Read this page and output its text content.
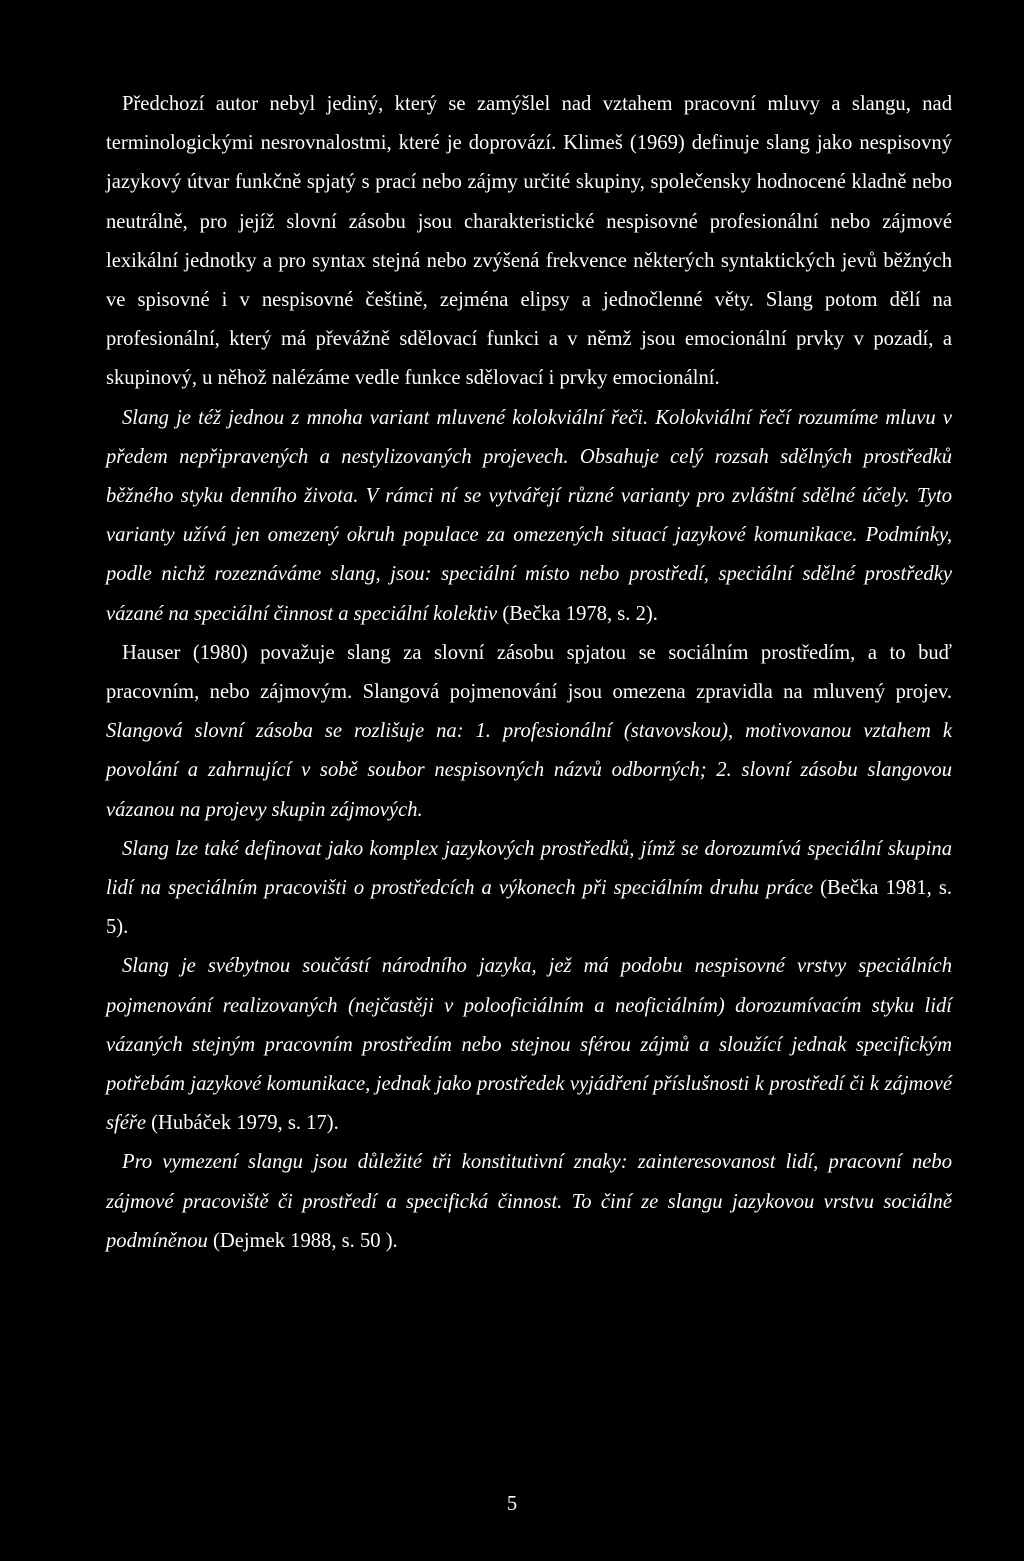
Předchozí autor nebyl jediný, který se zamýšlel nad vztahem pracovní mluvy a slangu, nad terminologickými nesrovnalostmi, které je doprovází. Klimeš (1969) definuje slang jako nespisovný jazykový útvar funkčně spjatý s prací nebo zájmy určité skupiny, společensky hodnocené kladně nebo neutrálně, pro jejíž slovní zásobu jsou charakteristické nespisovné profesionální nebo zájmové lexikální jednotky a pro syntax stejná nebo zvýšená frekvence některých syntaktických jevů běžných ve spisovné i v nespisovné češtině, zejména elipsy a jednočlenné věty. Slang potom dělí na profesionální, který má převážně sdělovací funkci a v němž jsou emocionální prvky v pozadí, a skupinový, u něhož nalézáme vedle funkce sdělovací i prvky emocionální.

Slang je též jednou z mnoha variant mluvené kolokviální řeči. Kolokviální řečí rozumíme mluvu v předem nepřipravených a nestylizovaných projevech. Obsahuje celý rozsah sdělných prostředků běžného styku denního života. V rámci ní se vytvářejí různé varianty pro zvláštní sdělné účely. Tyto varianty užívá jen omezený okruh populace za omezených situací jazykové komunikace. Podmínky, podle nichž rozeznáváme slang, jsou: speciální místo nebo prostředí, speciální sdělné prostředky vázané na speciální činnost a speciální kolektiv (Bečka 1978, s. 2).

Hauser (1980) považuje slang za slovní zásobu spjatou se sociálním prostředím, a to buď pracovním, nebo zájmovým. Slangová pojmenování jsou omezena zpravidla na mluvený projev. Slangová slovní zásoba se rozlišuje na: 1. profesionální (stavovskou), motivovanou vztahem k povolání a zahrnující v sobě soubor nespisovných názvů odborných; 2. slovní zásobu slangovou vázanou na projevy skupin zájmových.

Slang lze také definovat jako komplex jazykových prostředků, jímž se dorozumívá speciální skupina lidí na speciálním pracovišti o prostředcích a výkonech při speciálním druhu práce (Bečka 1981, s. 5).

Slang je svébytnou součástí národního jazyka, jež má podobu nespisovné vrstvy speciálních pojmenování realizovaných (nejčastěji v polooficiálním a neoficiálním) dorozumívacím styku lidí vázaných stejným pracovním prostředím nebo stejnou sférou zájmů a sloužící jednak specifickým potřebám jazykové komunikace, jednak jako prostředek vyjádření příslušnosti k prostředí či k zájmové sféře (Hubáček 1979, s. 17).

Pro vymezení slangu jsou důležité tři konstitutivní znaky: zainteresovanost lidí, pracovní nebo zájmové pracoviště či prostředí a specifická činnost. To činí ze slangu jazykovou vrstvu sociálně podmíněnou (Dejmek 1988, s. 50 ).

5
